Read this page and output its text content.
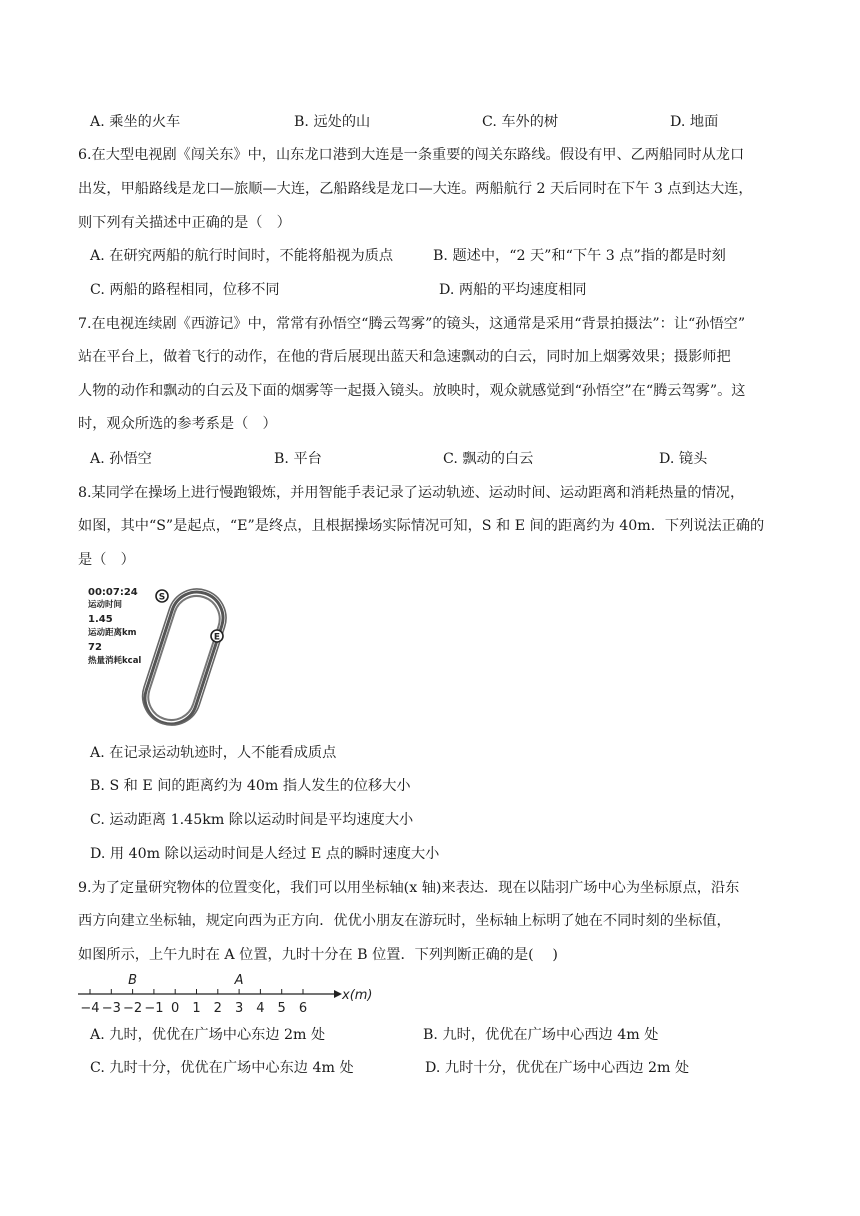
A. 乘坐的火车	B. 远处的山	C. 车外的树	D. 地面
6.在大型电视剧《闯关东》中，山东龙口港到大连是一条重要的闯关东路线。假设有甲、乙两船同时从龙口
出发，甲船路线是龙口—旅顺—大连，乙船路线是龙口—大连。两船航行 2 天后同时在下午 3 点到达大连，
则下列有关描述中正确的是（　）
A. 在研究两船的航行时间时，不能将船视为质点	B. 题述中，“2 天”和“下午 3 点”指的都是时刻
C. 两船的路程相同，位移不同	D. 两船的平均速度相同
7.在电视连续剧《西游记》中，常常有孙悟空“腾云驾雾”的镜头，这通常是采用“背景拍摄法”：让“孙悟空”
站在平台上，做着飞行的动作，在他的背后展现出蓝天和急速飘动的白云，同时加上烟雾效果；摄影师把
人物的动作和飘动的白云及下面的烟雾等一起摄入镜头。放映时，观众就感觉到“孙悟空”在“腾云驾雾”。这
时，观众所选的参考系是（　）
A. 孙悟空	B. 平台	C. 飘动的白云	D. 镜头
8.某同学在操场上进行慢跑锻炼，并用智能手表记录了运动轨迹、运动时间、运动距离和消耗热量的情况，
如图，其中“S”是起点，“E”是终点，且根据操场实际情况可知，S 和 E 间的距离约为 40m．下列说法正确的
是（　）
00:07:24
运动时间
1.45
运动距离km
72
热量消耗kcal
S
E
A. 在记录运动轨迹时，人不能看成质点
B. S 和 E 间的距离约为 40m 指人发生的位移大小
C. 运动距离 1.45km 除以运动时间是平均速度大小
D. 用 40m 除以运动时间是人经过 E 点的瞬时速度大小
9.为了定量研究物体的位置变化，我们可以用坐标轴(x 轴)来表达．现在以陆羽广场中心为坐标原点，沿东
西方向建立坐标轴，规定向西为正方向．优优小朋友在游玩时，坐标轴上标明了她在不同时刻的坐标值，
如图所示，上午九时在 A 位置，九时十分在 B 位置．下列判断正确的是(　 )
−4 −3 −2 −1 0 1 2 3 4 5 6
x(m)
B	A
A. 九时，优优在广场中心东边 2m 处	B. 九时，优优在广场中心西边 4m 处
C. 九时十分，优优在广场中心东边 4m 处	D. 九时十分，优优在广场中心西边 2m 处
